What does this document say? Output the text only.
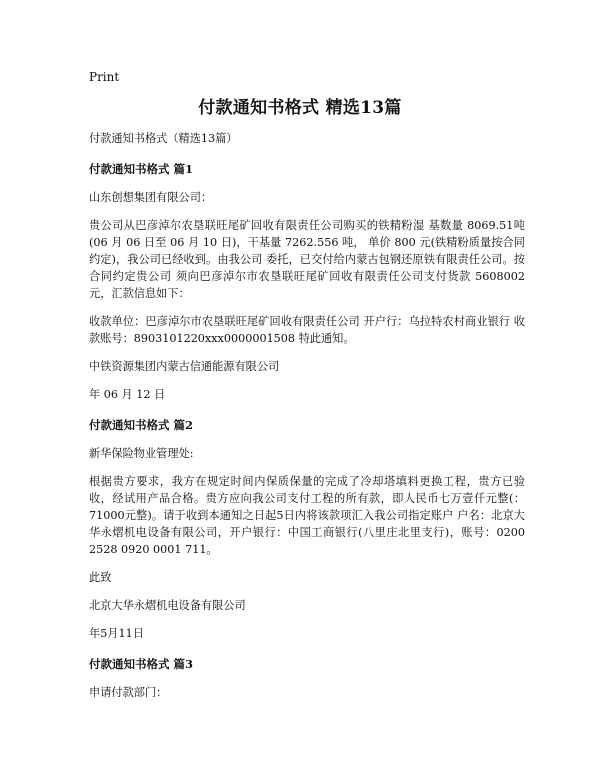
Print
付款通知书格式 精选13篇

付款通知书格式（精选13篇）

付款通知书格式 篇1

山东创想集团有限公司：

贵公司从巴彦淖尔农垦联旺尾矿回收有限责任公司购买的铁精粉湿 基数量 8069.51吨(06 月 06 日至 06 月 10 日)，干基量 7262.556 吨， 单价 800 元(铁精粉质量按合同约定)，我公司已经收到。由我公司 委托，已交付给内蒙古包钢还原铁有限责任公司。按合同约定贵公司 须向巴彦淖尔市农垦联旺尾矿回收有限责任公司支付货款 5608002 元，汇款信息如下：

收款单位：巴彦淖尔市农垦联旺尾矿回收有限责任公司 开户行：乌拉特农村商业银行 收款账号：8903101220xxx0000001508 特此通知。

中铁资源集团内蒙古信通能源有限公司

年 06 月 12 日

付款通知书格式 篇2

新华保险物业管理处:

根据贵方要求，我方在规定时间内保质保量的完成了冷却塔填料更换工程，贵方已验收，经试用产品合格。贵方应向我公司支付工程的所有款，即人民币七万壹仟元整(：71000元整)。请于收到本通知之日起5日内将该款项汇入我公司指定账户 户名：北京大华永熠机电设备有限公司，开户银行：中国工商银行(八里庄北里支行)，账号：0200 2528 0920 0001 711。

此致

北京大华永熠机电设备有限公司

年5月11日

付款通知书格式 篇3

申请付款部门：
